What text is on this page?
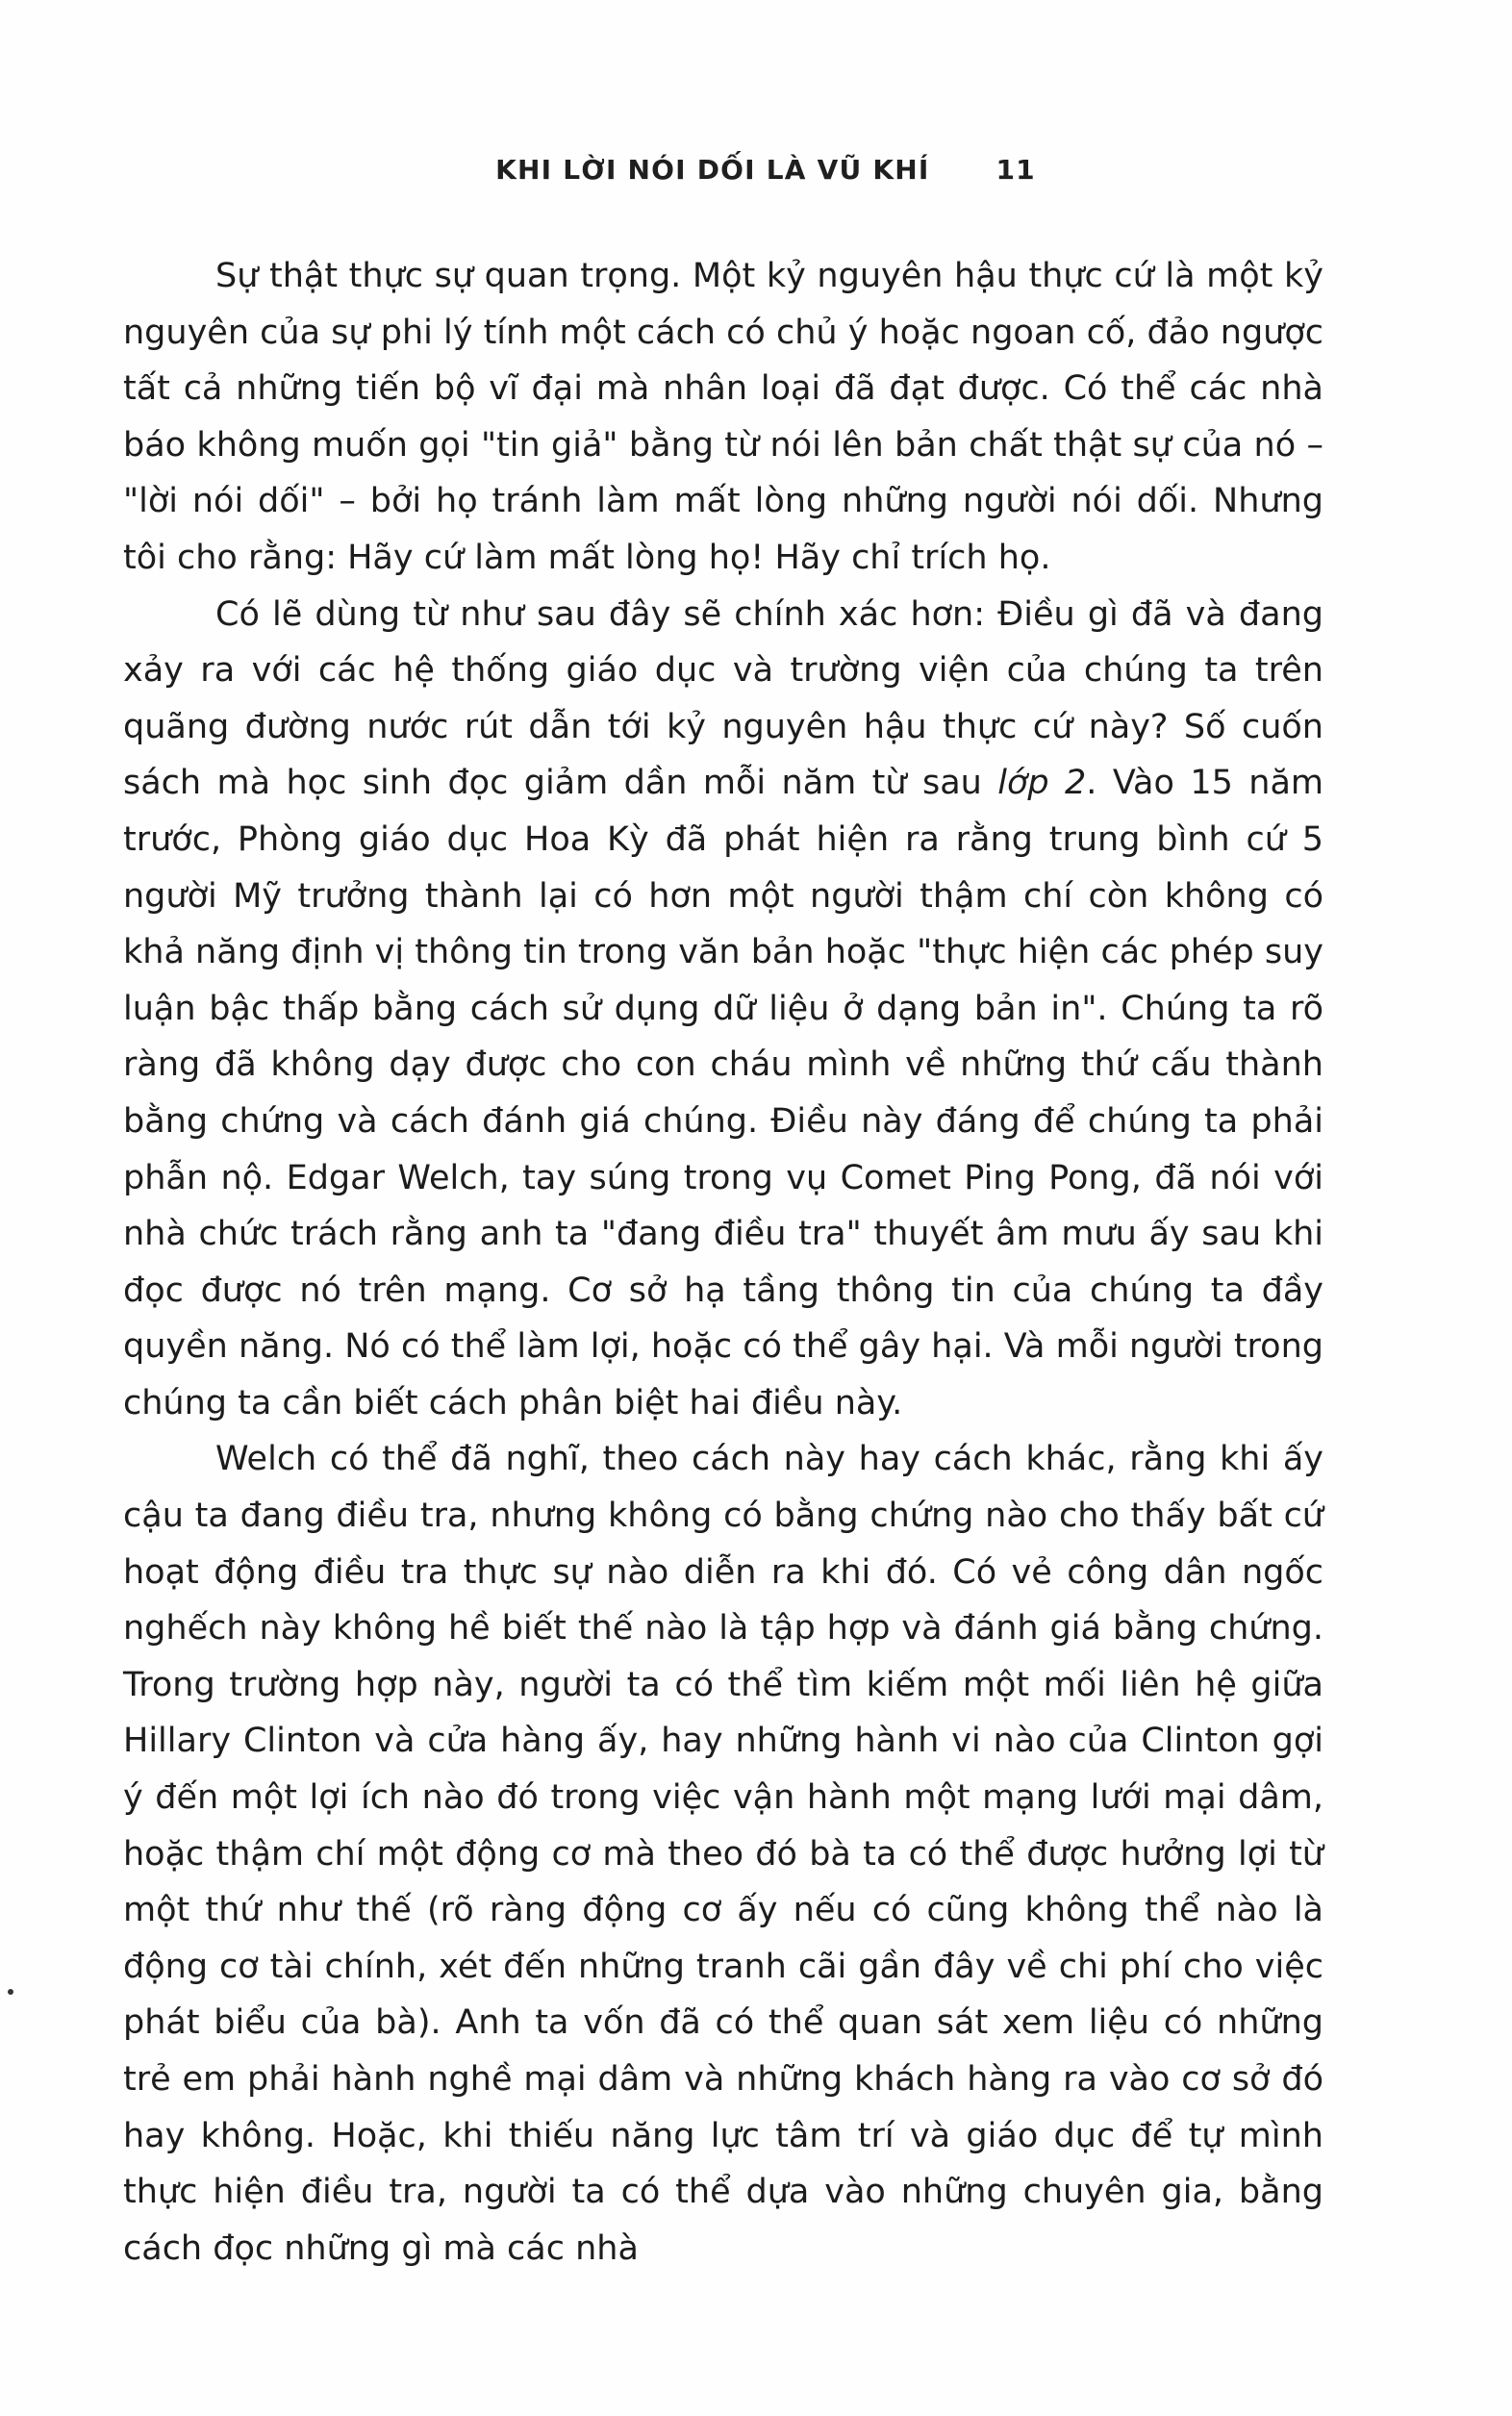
KHI LỜI NÓI DỐI LÀ VŨ KHÍ 11

Sự thật thực sự quan trọng. Một kỷ nguyên hậu thực cứ là một kỷ nguyên của sự phi lý tính một cách có chủ ý hoặc ngoan cố, đảo ngược tất cả những tiến bộ vĩ đại mà nhân loại đã đạt được. Có thể các nhà báo không muốn gọi "tin giả" bằng từ nói lên bản chất thật sự của nó – "lời nói dối" – bởi họ tránh làm mất lòng những người nói dối. Nhưng tôi cho rằng: Hãy cứ làm mất lòng họ! Hãy chỉ trích họ.

Có lẽ dùng từ như sau đây sẽ chính xác hơn: Điều gì đã và đang xảy ra với các hệ thống giáo dục và trường viện của chúng ta trên quãng đường nước rút dẫn tới kỷ nguyên hậu thực cứ này? Số cuốn sách mà học sinh đọc giảm dần mỗi năm từ sau lớp 2. Vào 15 năm trước, Phòng giáo dục Hoa Kỳ đã phát hiện ra rằng trung bình cứ 5 người Mỹ trưởng thành lại có hơn một người thậm chí còn không có khả năng định vị thông tin trong văn bản hoặc "thực hiện các phép suy luận bậc thấp bằng cách sử dụng dữ liệu ở dạng bản in". Chúng ta rõ ràng đã không dạy được cho con cháu mình về những thứ cấu thành bằng chứng và cách đánh giá chúng. Điều này đáng để chúng ta phải phẫn nộ. Edgar Welch, tay súng trong vụ Comet Ping Pong, đã nói với nhà chức trách rằng anh ta "đang điều tra" thuyết âm mưu ấy sau khi đọc được nó trên mạng. Cơ sở hạ tầng thông tin của chúng ta đầy quyền năng. Nó có thể làm lợi, hoặc có thể gây hại. Và mỗi người trong chúng ta cần biết cách phân biệt hai điều này.

Welch có thể đã nghĩ, theo cách này hay cách khác, rằng khi ấy cậu ta đang điều tra, nhưng không có bằng chứng nào cho thấy bất cứ hoạt động điều tra thực sự nào diễn ra khi đó. Có vẻ công dân ngốc nghếch này không hề biết thế nào là tập hợp và đánh giá bằng chứng. Trong trường hợp này, người ta có thể tìm kiếm một mối liên hệ giữa Hillary Clinton và cửa hàng ấy, hay những hành vi nào của Clinton gợi ý đến một lợi ích nào đó trong việc vận hành một mạng lưới mại dâm, hoặc thậm chí một động cơ mà theo đó bà ta có thể được hưởng lợi từ một thứ như thế (rõ ràng động cơ ấy nếu có cũng không thể nào là động cơ tài chính, xét đến những tranh cãi gần đây về chi phí cho việc phát biểu của bà). Anh ta vốn đã có thể quan sát xem liệu có những trẻ em phải hành nghề mại dâm và những khách hàng ra vào cơ sở đó hay không. Hoặc, khi thiếu năng lực tâm trí và giáo dục để tự mình thực hiện điều tra, người ta có thể dựa vào những chuyên gia, bằng cách đọc những gì mà các nhà
